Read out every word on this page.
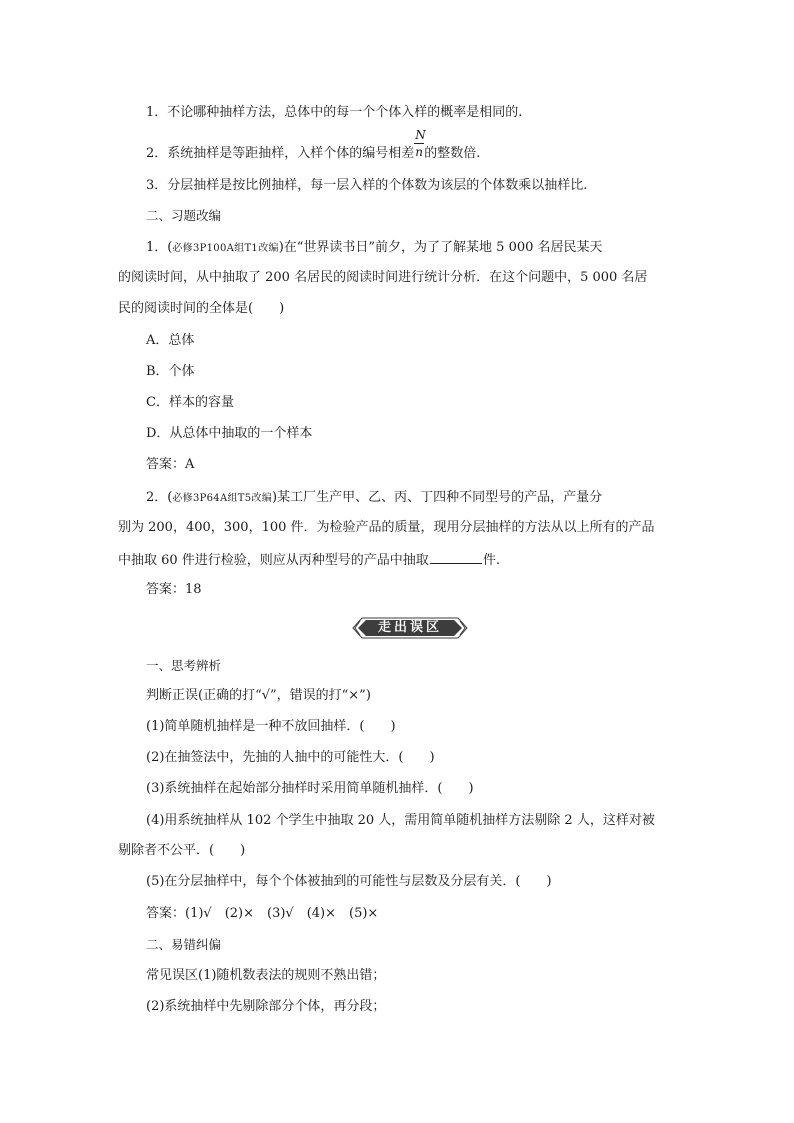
1．不论哪种抽样方法，总体中的每一个个体入样的概率是相同的.
2．系统抽样是等距抽样，入样个体的编号相差 $\frac{N}{n}$ 的整数倍.
3．分层抽样是按比例抽样，每一层入样的个体数为该层的个体数乘以抽样比.
二、习题改编
1．(必修3P100A组T1改编)在“世界读书日”前夕，为了了解某地 5 000 名居民某天
的阅读时间，从中抽取了 200 名居民的阅读时间进行统计分析．在这个问题中，5 000 名居
民的阅读时间的全体是(　　)
A．总体
B．个体
C．样本的容量
D．从总体中抽取的一个样本
答案：A
2．(必修3P64A组T5改编)某工厂生产甲、乙、丙、丁四种不同型号的产品，产量分
别为 200，400，300，100 件．为检验产品的质量，现用分层抽样的方法从以上所有的产品
中抽取 60 件进行检验，则应从丙种型号的产品中抽取	件.
答案：18
走出误区
一、思考辨析
判断正误(正确的打“√”，错误的打“×”)
(1)简单随机抽样是一种不放回抽样．(　　)
(2)在抽签法中，先抽的人抽中的可能性大．(　　)
(3)系统抽样在起始部分抽样时采用简单随机抽样．(　　)
(4)用系统抽样从 102 个学生中抽取 20 人，需用简单随机抽样方法剔除 2 人，这样对被
剔除者不公平．(　　)
(5)在分层抽样中，每个个体被抽到的可能性与层数及分层有关．(　　)
答案：(1)√　(2)×　(3)√　(4)×　(5)×
二、易错纠偏
常见误区(1)随机数表法的规则不熟出错；
(2)系统抽样中先剔除部分个体，再分段；
